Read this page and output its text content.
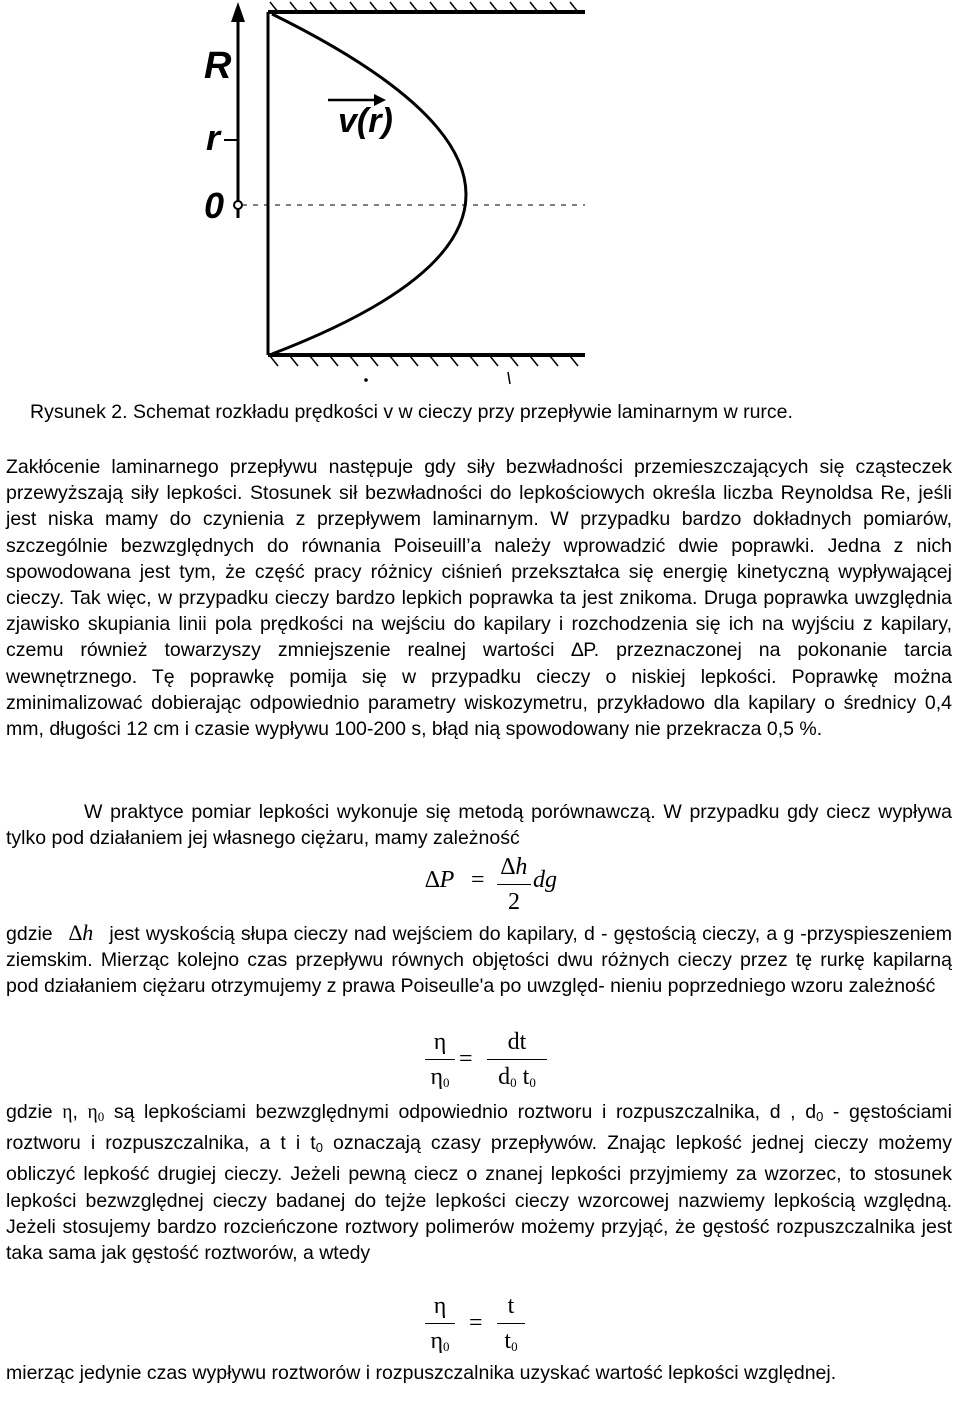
R
r
0
v(r)
Rysunek 2. Schemat rozkładu prędkości v w cieczy przy przepływie laminarnym w rurce.

Zakłócenie laminarnego przepływu następuje gdy siły bezwładności przemieszczających się cząsteczek przewyższają siły lepkości. Stosunek sił bezwładności do lepkościowych określa liczba Reynoldsa Re, jeśli jest niska mamy do czynienia z przepływem laminarnym. W przypadku bardzo dokładnych pomiarów, szczególnie bezwzględnych do równania Poiseuill’a należy wprowadzić dwie poprawki. Jedna z nich spowodowana jest tym, że część pracy różnicy ciśnień przekształca się energię kinetyczną wypływającej cieczy. Tak więc, w przypadku cieczy bardzo lepkich poprawka ta jest znikoma. Druga poprawka uwzględnia zjawisko skupiania linii pola prędkości na wejściu do kapilary i rozchodzenia się ich na wyjściu z kapilary, czemu również towarzyszy zmniejszenie realnej wartości ∆P. przeznaczonej na pokonanie tarcia wewnętrznego. Tę poprawkę pomija się w przypadku cieczy o niskiej lepkości. Poprawkę można zminimalizować dobierając odpowiednio parametry wiskozymetru, przykładowo dla kapilary o średnicy 0,4 mm, długości 12 cm i czasie wypływu 100-200 s, błąd nią spowodowany nie przekracza 0,5 %.

W praktyce pomiar lepkości wykonuje się metodą porównawczą. W przypadku gdy ciecz wypływa tylko pod działaniem jej własnego ciężaru, mamy zależność

∆P = ∆h
2
dg

gdzie ∆h jest wyskością słupa cieczy nad wejściem do kapilary, d - gęstością cieczy, a g -przyspieszeniem ziemskim. Mierząc kolejno czas przepływu równych objętości dwu różnych cieczy przez tę rurkę kapilarną pod działaniem ciężaru otrzymujemy z prawa Poiseulle'a po uwzględ- nieniu poprzedniego wzoru zależność

η
$\eta_0$
=
dt
$d_0$ $t_0$

gdzie η, $\eta_0$ są lepkościami bezwzględnymi odpowiednio roztworu i rozpuszczalnika, d , $d_0$ - gęstościami roztworu i rozpuszczalnika, a t i $t_0$ oznaczają czasy przepływów. Znając lepkość jednej cieczy możemy obliczyć lepkość drugiej cieczy. Jeżeli pewną ciecz o znanej lepkości przyjmiemy za wzorzec, to stosunek lepkości bezwzględnej cieczy badanej do tejże lepkości cieczy wzorcowej nazwiemy lepkością względną. Jeżeli stosujemy bardzo rozcieńczone roztwory polimerów możemy przyjąć, że gęstość rozpuszczalnika jest taka sama jak gęstość roztworów, a wtedy

η
$\eta_0$
=
t
$t_0$

mierząc jedynie czas wypływu roztworów i rozpuszczalnika uzyskać wartość lepkości względnej.
